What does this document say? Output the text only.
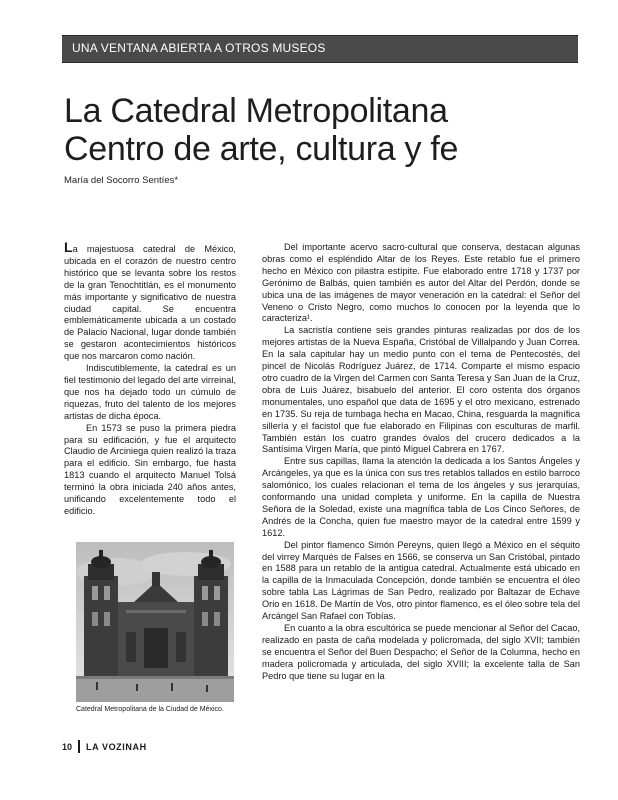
UNA VENTANA ABIERTA A OTROS MUSEOS
La Catedral Metropolitana
Centro de arte, cultura y fe
María del Socorro Sentíes*

La majestuosa catedral de México, ubicada en el corazón de nuestro centro histórico que se levanta sobre los restos de la gran Tenochtitlán, es el monumento más importante y significativo de nuestra ciudad capital. Se encuentra emblemáticamente ubicada a un costado de Palacio Nacional, lugar donde también se gestaron acontecimientos históricos que nos marcaron como nación.

Indiscutiblemente, la catedral es un fiel testimonio del legado del arte virreinal, que nos ha dejado todo un cúmulo de riquezas, fruto del talento de los mejores artistas de dicha época.

En 1573 se puso la primera piedra para su edificación, y fue el arquitecto Claudio de Arciniega quien realizó la traza para el edificio. Sin embargo, fue hasta 1813 cuando el arquitecto Manuel Tolsá terminó la obra iniciada 240 años antes, unificando excelentemente todo el edificio.

Catedral Metropolitana de la Ciudad de México.

Del importante acervo sacro-cultural que conserva, destacan algunas obras como el espléndido Altar de los Reyes. Este retablo fue el primero hecho en México con pilastra estípite. Fue elaborado entre 1718 y 1737 por Gerónimo de Balbás, quien también es autor del Altar del Perdón, donde se ubica una de las imágenes de mayor veneración en la catedral: el Señor del Veneno o Cristo Negro, como muchos lo conocen por la leyenda que lo caracteriza¹.

La sacristía contiene seis grandes pinturas realizadas por dos de los mejores artistas de la Nueva España, Cristóbal de Villalpando y Juan Correa. En la sala capitular hay un medio punto con el tema de Pentecostés, del pincel de Nicolás Rodríguez Juárez, de 1714. Comparte el mismo espacio otro cuadro de la Virgen del Carmen con Santa Teresa y San Juan de la Cruz, obra de Luis Juárez, bisabuelo del anterior. El coro ostenta dos órganos monumentales, uno español que data de 1695 y el otro mexicano, estrenado en 1735. Su reja de tumbaga hecha en Macao, China, resguarda la magnífica sillería y el facistol que fue elaborado en Filipinas con esculturas de marfil. También están los cuatro grandes óvalos del crucero dedicados a la Santísima Virgen María, que pintó Miguel Cabrera en 1767.

Entre sus capillas, llama la atención la dedicada a los Santos Ángeles y Arcángeles, ya que es la única con sus tres retablos tallados en estilo barroco salomónico, los cuales relacionan el tema de los ángeles y sus jerarquías, conformando una unidad completa y uniforme. En la capilla de Nuestra Señora de la Soledad, existe una magnífica tabla de Los Cinco Señores, de Andrés de la Concha, quien fue maestro mayor de la catedral entre 1599 y 1612.

Del pintor flamenco Simón Pereyns, quien llegó a México en el séquito del virrey Marqués de Falses en 1566, se conserva un San Cristóbal, pintado en 1588 para un retablo de la antigua catedral. Actualmente está ubicado en la capilla de la Inmaculada Concepción, donde también se encuentra el óleo sobre tabla Las Lágrimas de San Pedro, realizado por Baltazar de Echave Orio en 1618. De Martín de Vos, otro pintor flamenco, es el óleo sobre tela del Arcángel San Rafael con Tobías.

En cuanto a la obra escultórica se puede mencionar al Señor del Cacao, realizado en pasta de caña modelada y policromada, del siglo XVII; también se encuentra el Señor del Buen Despacho; el Señor de la Columna, hecho en madera policromada y articulada, del siglo XVIII; la excelente talla de San Pedro que tiene su lugar en la

10 LA VOZINAH
